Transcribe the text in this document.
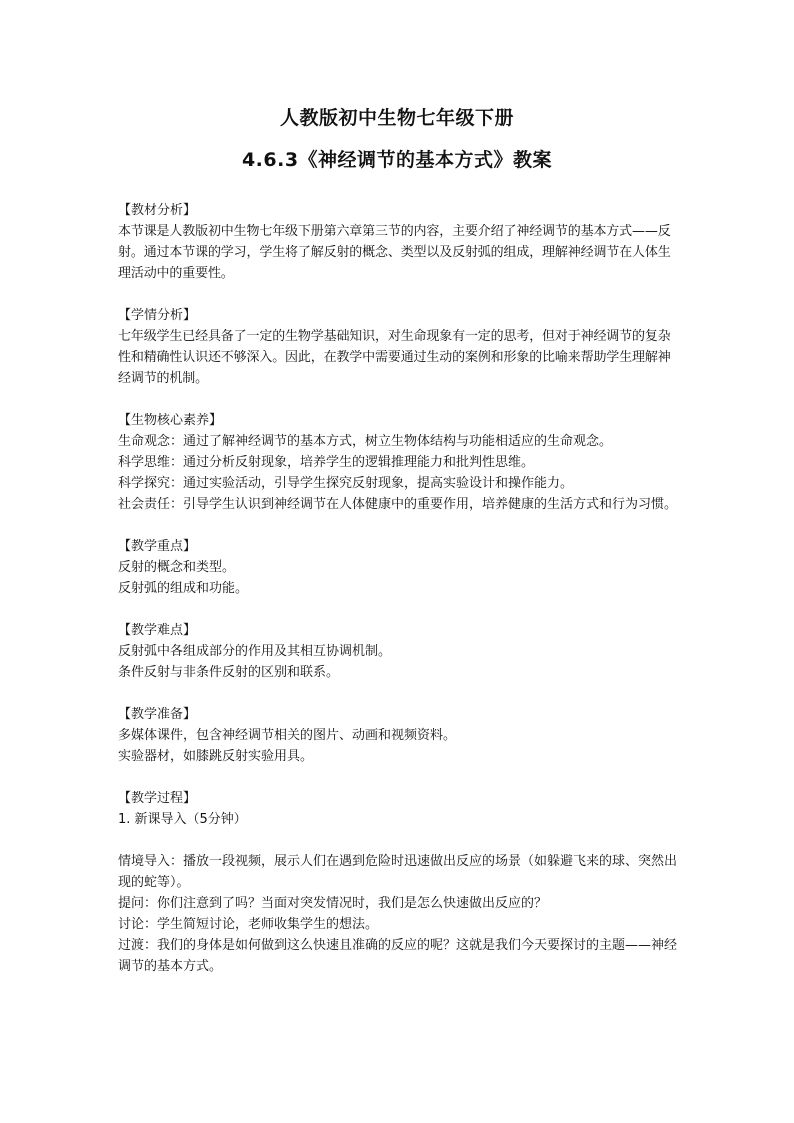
人教版初中生物七年级下册
4.6.3《神经调节的基本方式》教案

【教材分析】

本节课是人教版初中生物七年级下册第六章第三节的内容，主要介绍了神经调节的基本方式——反射。通过本节课的学习，学生将了解反射的概念、类型以及反射弧的组成，理解神经调节在人体生理活动中的重要性。

【学情分析】

七年级学生已经具备了一定的生物学基础知识，对生命现象有一定的思考，但对于神经调节的复杂性和精确性认识还不够深入。因此，在教学中需要通过生动的案例和形象的比喻来帮助学生理解神经调节的机制。

【生物核心素养】

生命观念：通过了解神经调节的基本方式，树立生物体结构与功能相适应的生命观念。

科学思维：通过分析反射现象，培养学生的逻辑推理能力和批判性思维。

科学探究：通过实验活动，引导学生探究反射现象，提高实验设计和操作能力。

社会责任：引导学生认识到神经调节在人体健康中的重要作用，培养健康的生活方式和行为习惯。

【教学重点】

反射的概念和类型。

反射弧的组成和功能。

【教学难点】

反射弧中各组成部分的作用及其相互协调机制。

条件反射与非条件反射的区别和联系。

【教学准备】

多媒体课件，包含神经调节相关的图片、动画和视频资料。

实验器材，如膝跳反射实验用具。

【教学过程】

1. 新课导入（5分钟）

情境导入：播放一段视频，展示人们在遇到危险时迅速做出反应的场景（如躲避飞来的球、突然出现的蛇等）。

提问：你们注意到了吗？当面对突发情况时，我们是怎么快速做出反应的？

讨论：学生简短讨论，老师收集学生的想法。

过渡：我们的身体是如何做到这么快速且准确的反应的呢？这就是我们今天要探讨的主题——神经调节的基本方式。
